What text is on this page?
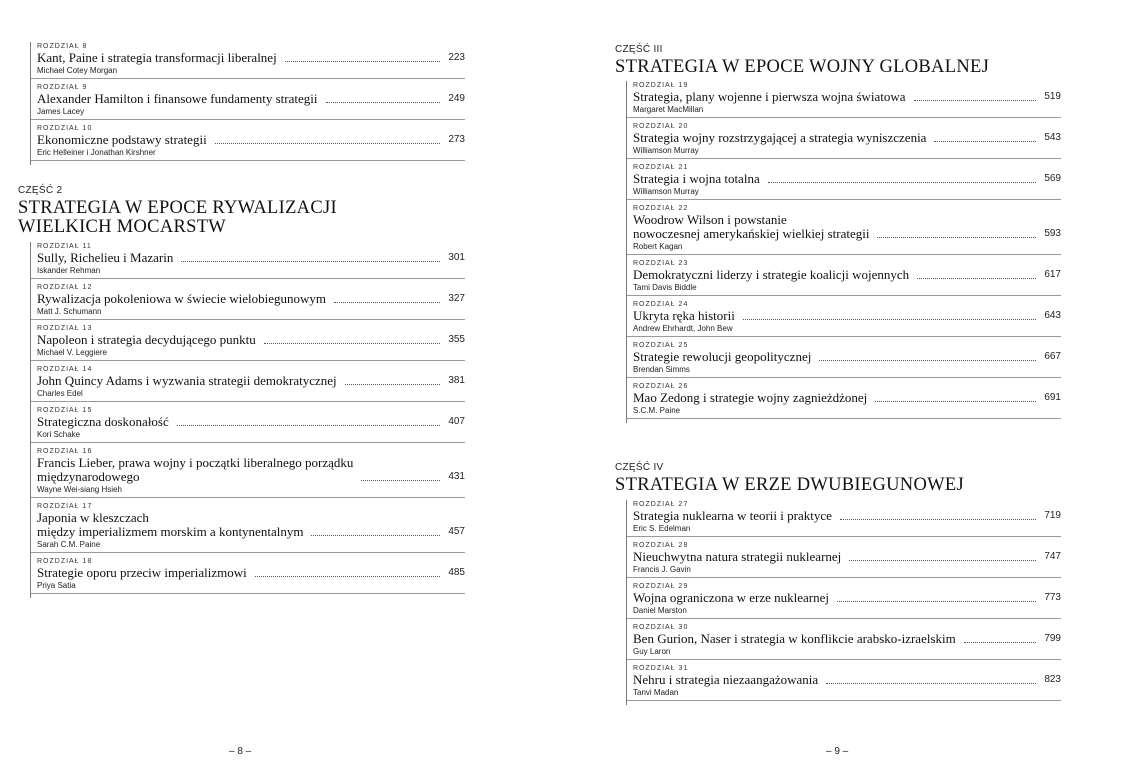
ROZDZIAŁ 8
Kant, Paine i strategia transformacji liberalnej	223
Michael Cotey Morgan
ROZDZIAŁ 9
Alexander Hamilton i finansowe fundamenty strategii	249
James Lacey
ROZDZIAŁ 10
Ekonomiczne podstawy strategii	273
Eric Helleiner i Jonathan Kirshner
CZĘŚĆ 2
STRATEGIA W EPOCE RYWALIZACJI
WIELKICH MOCARSTW
ROZDZIAŁ 11
Sully, Richelieu i Mazarin	301
Iskander Rehman
ROZDZIAŁ 12
Rywalizacja pokoleniowa w świecie wielobiegunowym	327
Matt J. Schumann
ROZDZIAŁ 13
Napoleon i strategia decydującego punktu	355
Michael V. Leggiere
ROZDZIAŁ 14
John Quincy Adams i wyzwania strategii demokratycznej	381
Charles Edel
ROZDZIAŁ 15
Strategiczna doskonałość	407
Kori Schake
ROZDZIAŁ 16
Francis Lieber, prawa wojny i początki liberalnego porządku
międzynarodowego	431
Wayne Wei-siang Hsieh
ROZDZIAŁ 17
Japonia w kleszczach
między imperializmem morskim a kontynentalnym	457
Sarah C.M. Paine
ROZDZIAŁ 18
Strategie oporu przeciw imperializmowi	485
Priya Satia
– 8 –
CZĘŚĆ III
STRATEGIA W EPOCE WOJNY GLOBALNEJ
ROZDZIAŁ 19
Strategia, plany wojenne i pierwsza wojna światowa	519
Margaret MacMillan
ROZDZIAŁ 20
Strategia wojny rozstrzygającej a strategia wyniszczenia	543
Williamson Murray
ROZDZIAŁ 21
Strategia i wojna totalna	569
Williamson Murray
ROZDZIAŁ 22
Woodrow Wilson i powstanie
nowoczesnej amerykańskiej wielkiej strategii	593
Robert Kagan
ROZDZIAŁ 23
Demokratyczni liderzy i strategie koalicji wojennych	617
Tami Davis Biddle
ROZDZIAŁ 24
Ukryta ręka historii	643
Andrew Ehrhardt, John Bew
ROZDZIAŁ 25
Strategie rewolucji geopolitycznej	667
Brendan Simms
ROZDZIAŁ 26
Mao Zedong i strategie wojny zagnieżdżonej	691
S.C.M. Paine
CZĘŚĆ IV
STRATEGIA W ERZE DWUBIEGUNOWEJ
ROZDZIAŁ 27
Strategia nuklearna w teorii i praktyce	719
Eric S. Edelman
ROZDZIAŁ 28
Nieuchwytna natura strategii nuklearnej	747
Francis J. Gavin
ROZDZIAŁ 29
Wojna ograniczona w erze nuklearnej	773
Daniel Marston
ROZDZIAŁ 30
Ben Gurion, Naser i strategia w konflikcie arabsko-izraelskim	799
Guy Laron
ROZDZIAŁ 31
Nehru i strategia niezaangażowania	823
Tanvi Madan
– 9 –
